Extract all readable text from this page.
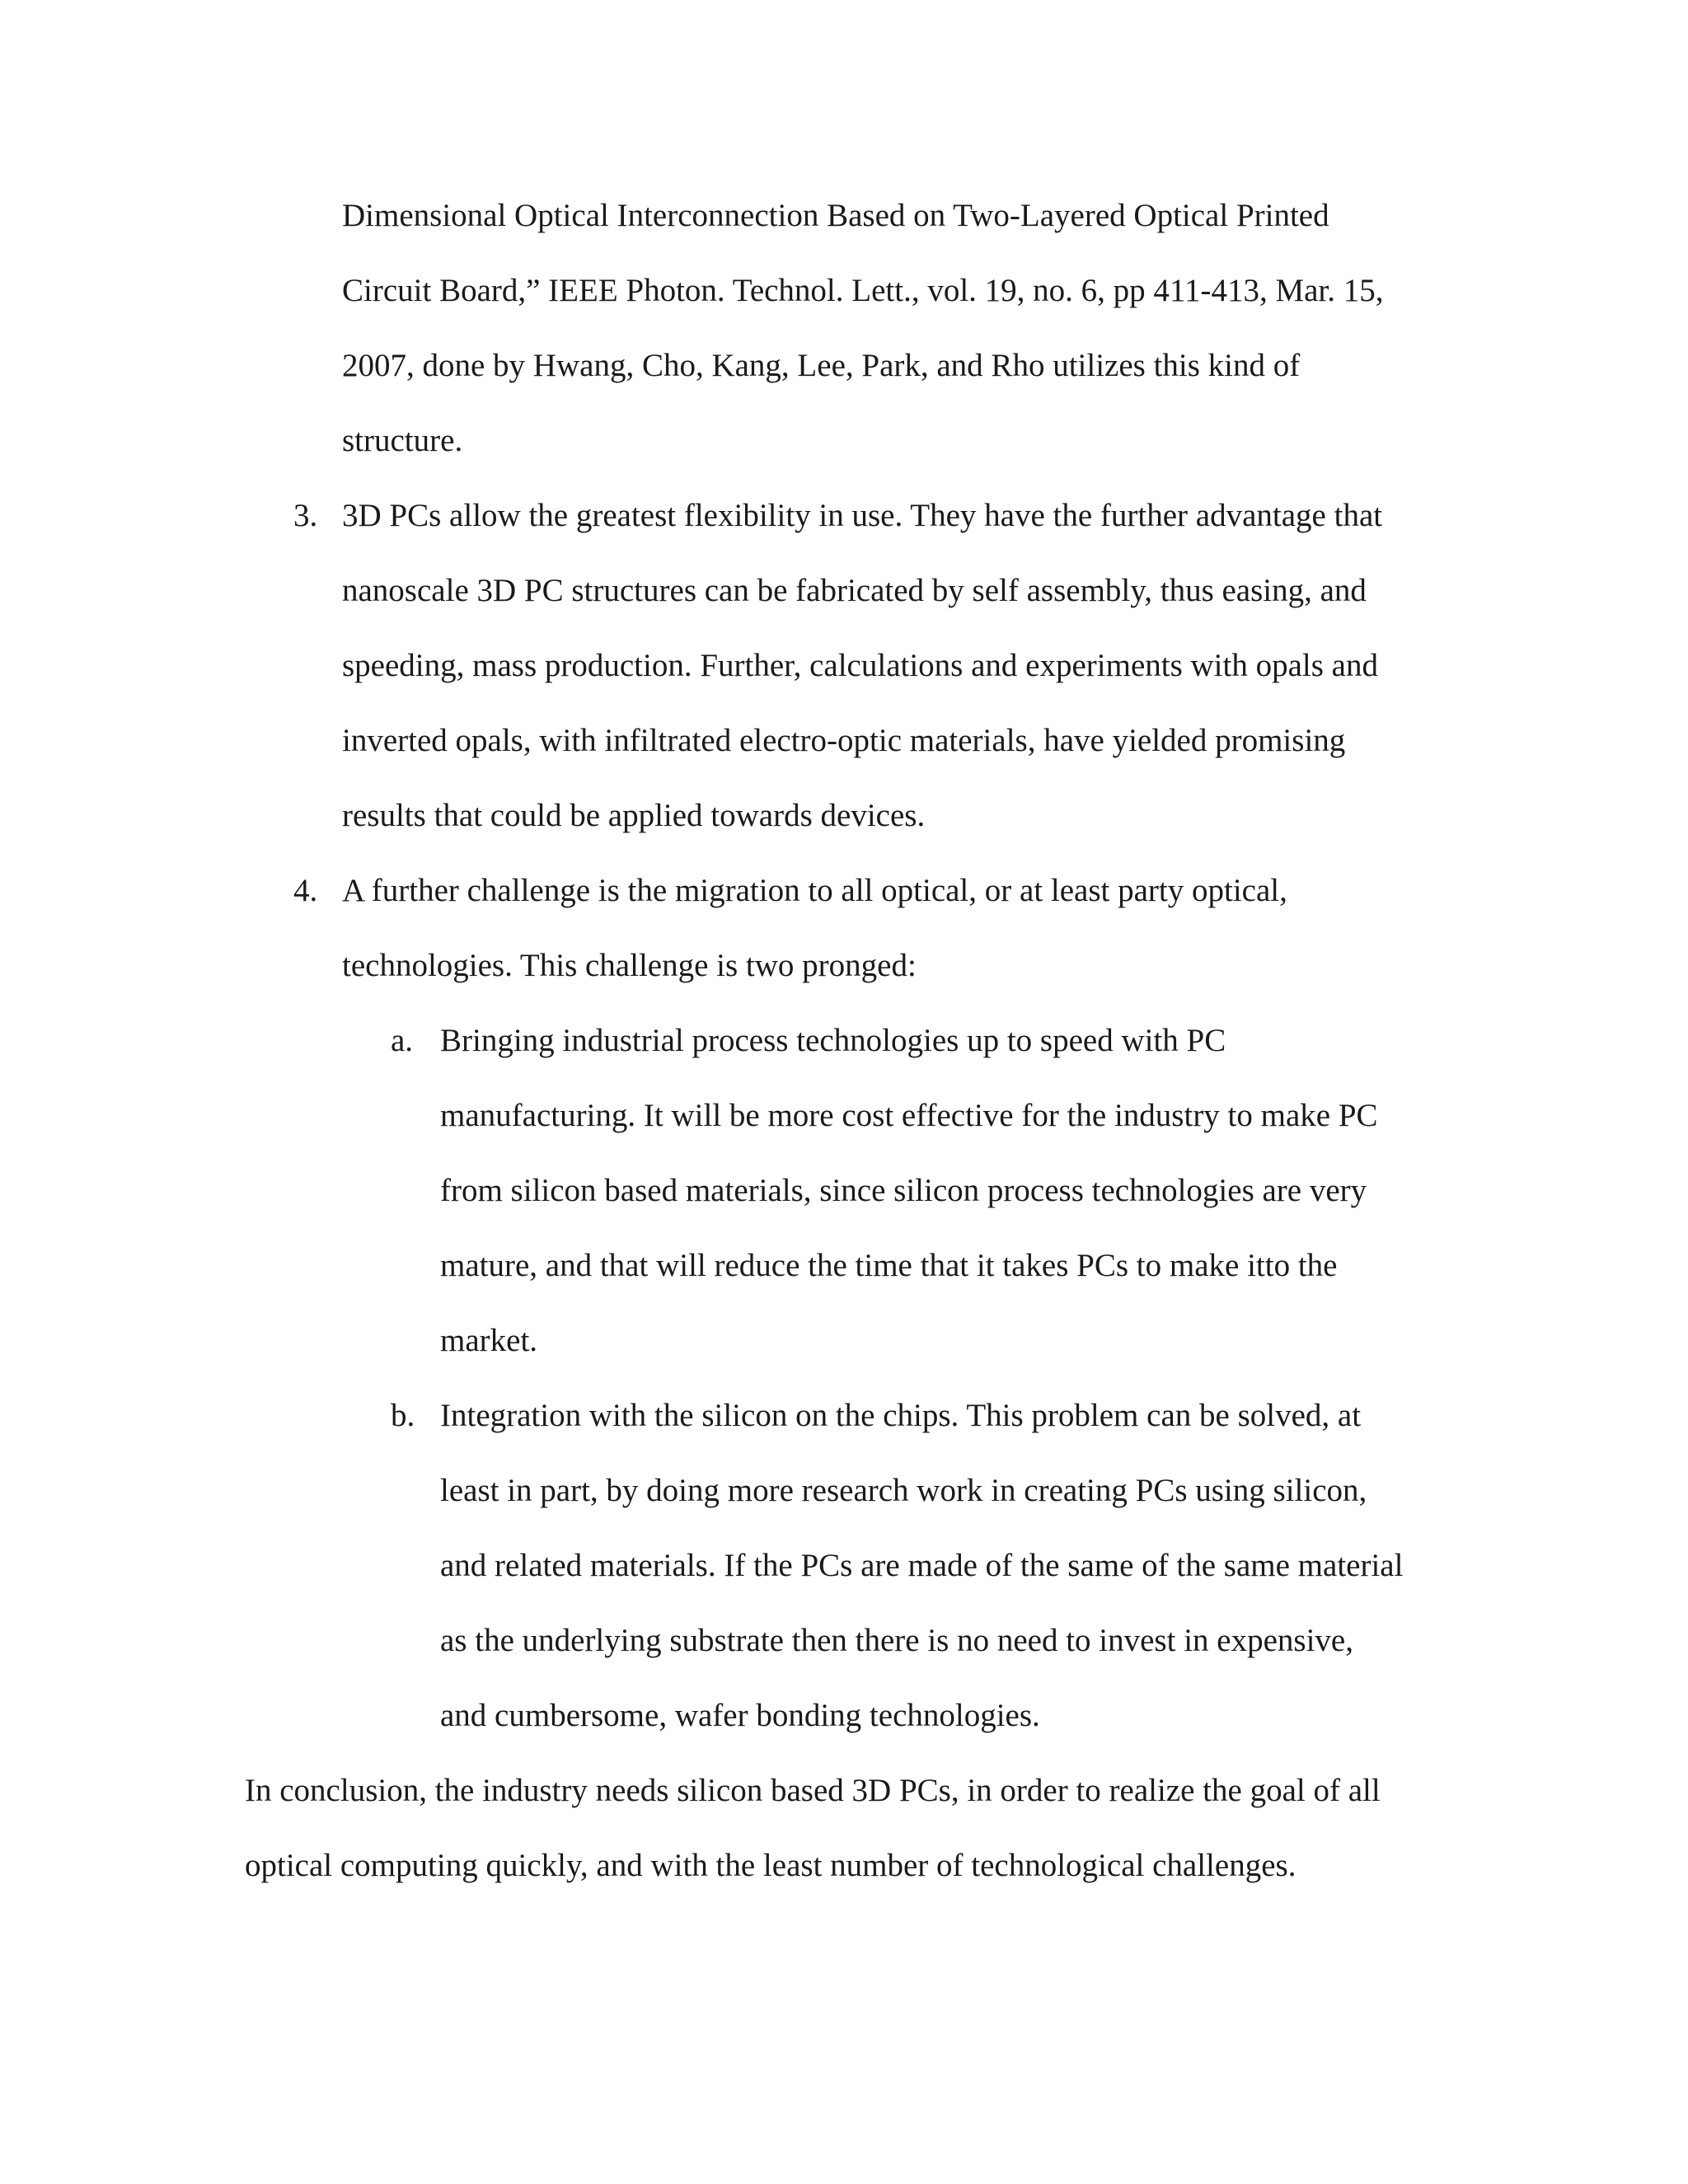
Dimensional Optical Interconnection Based on Two-Layered Optical Printed

Circuit Board,” IEEE Photon. Technol. Lett., vol. 19, no. 6, pp 411-413, Mar. 15,

2007, done by Hwang, Cho, Kang, Lee, Park, and Rho utilizes this kind of

structure.

3. 3D PCs allow the greatest flexibility in use. They have the further advantage that

nanoscale 3D PC structures can be fabricated by self assembly, thus easing, and

speeding, mass production. Further, calculations and experiments with opals and

inverted opals, with infiltrated electro-optic materials, have yielded promising

results that could be applied towards devices.

4. A further challenge is the migration to all optical, or at least party optical,

technologies. This challenge is two pronged:

a. Bringing industrial process technologies up to speed with PC

manufacturing. It will be more cost effective for the industry to make PC

from silicon based materials, since silicon process technologies are very

mature, and that will reduce the time that it takes PCs to make itto the

market.

b. Integration with the silicon on the chips. This problem can be solved, at

least in part, by doing more research work in creating PCs using silicon,

and related materials. If the PCs are made of the same of the same material

as the underlying substrate then there is no need to invest in expensive,

and cumbersome, wafer bonding technologies.

In conclusion, the industry needs silicon based 3D PCs, in order to realize the goal of all

optical computing quickly, and with the least number of technological challenges.
